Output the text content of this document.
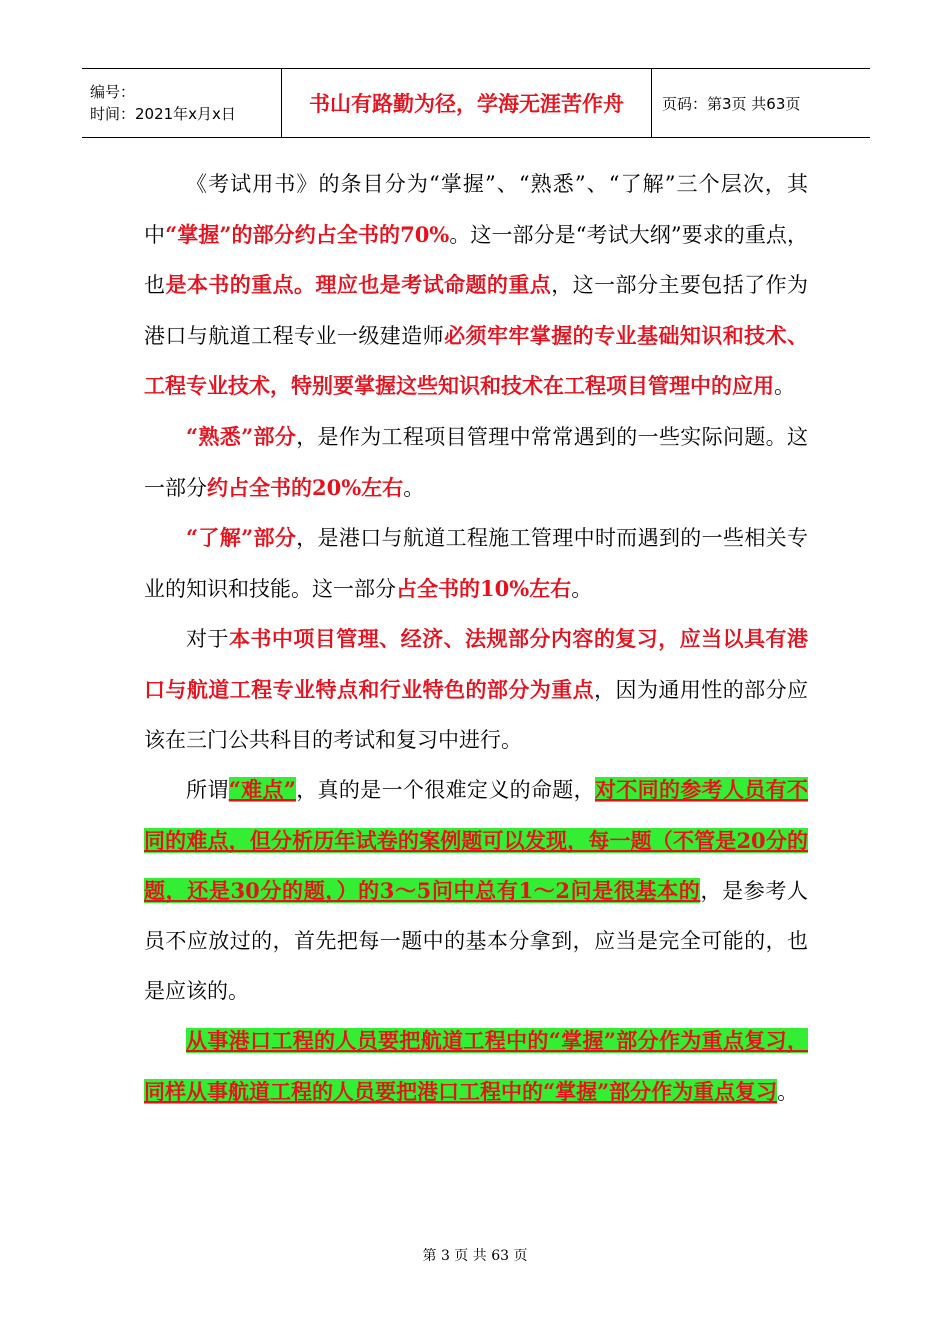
编号：
时间：2021年x月x日	书山有路勤为径，学海无涯苦作舟	页码：第3页 共63页

《考试用书》的条目分为“掌握”、“熟悉”、“了解”三个层次，其中“掌握”的部分约占全书的70%。这一部分是“考试大纲”要求的重点，也是本书的重点。理应也是考试命题的重点，这一部分主要包括了作为港口与航道工程专业一级建造师必须牢牢掌握的专业基础知识和技术、工程专业技术，特别要掌握这些知识和技术在工程项目管理中的应用。

“熟悉”部分，是作为工程项目管理中常常遇到的一些实际问题。这一部分约占全书的20%左右。

“了解”部分，是港口与航道工程施工管理中时而遇到的一些相关专业的知识和技能。这一部分占全书的10%左右。

对于本书中项目管理、经济、法规部分内容的复习，应当以具有港口与航道工程专业特点和行业特色的部分为重点，因为通用性的部分应该在三门公共科目的考试和复习中进行。

所谓“难点”，真的是一个很难定义的命题，对不同的参考人员有不同的难点，但分析历年试卷的案例题可以发现，每一题（不管是20分的题，还是30分的题，）的3～5问中总有1～2问是很基本的，是参考人员不应放过的，首先把每一题中的基本分拿到，应当是完全可能的，也是应该的。

从事港口工程的人员要把航道工程中的“掌握”部分作为重点复习，同样从事航道工程的人员要把港口工程中的“掌握”部分作为重点复习。

第 3 页 共 63 页
